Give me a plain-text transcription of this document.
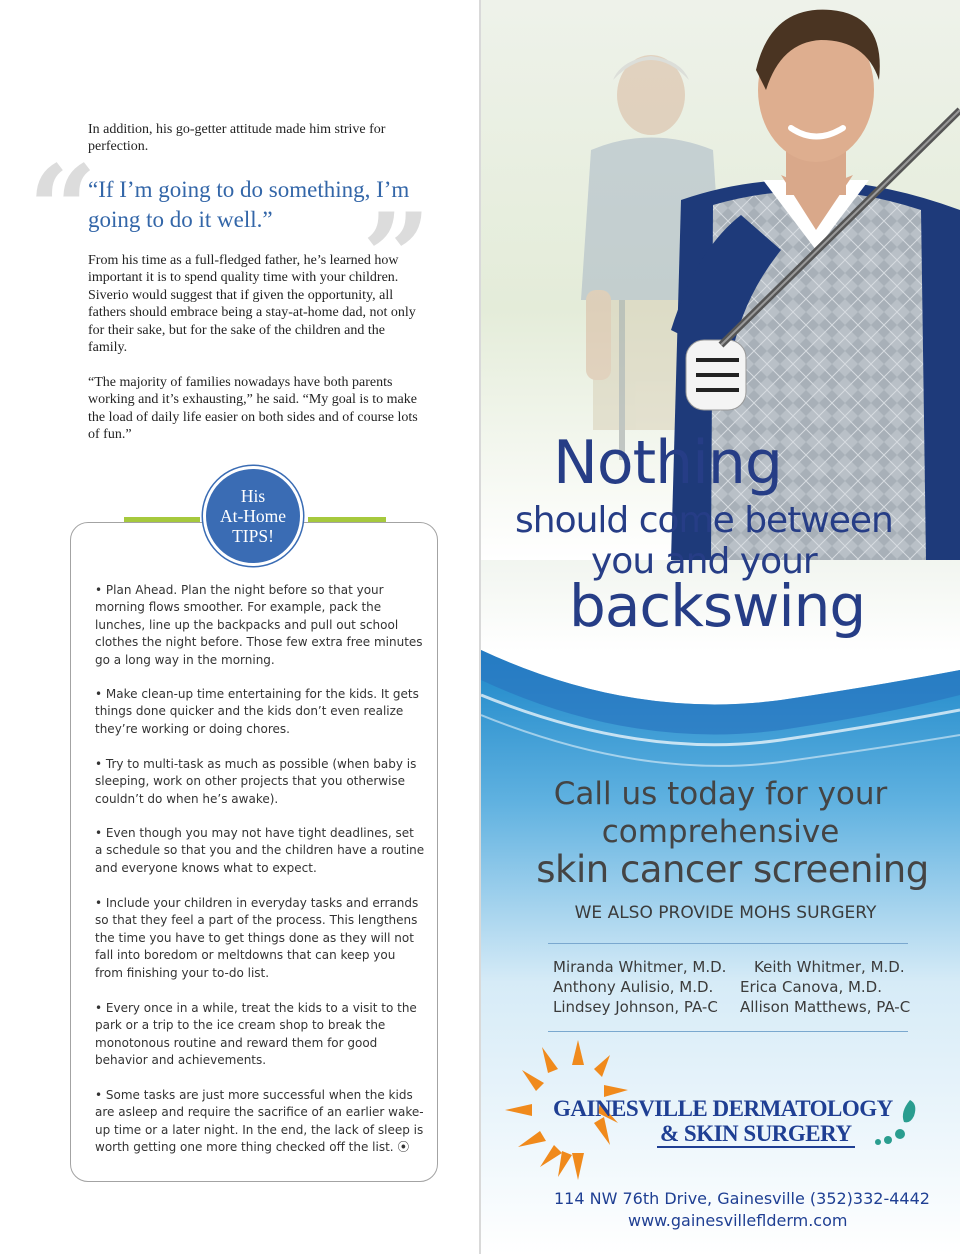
In addition, his go-getter attitude made him strive for perfection.

“ ”

“If I’m going to do something, I’m going to do it well.”

From his time as a full-fledged father, he’s learned how important it is to spend quality time with your children. Siverio would suggest that if given the opportunity, all fathers should embrace being a stay-at-home dad, not only for their sake, but for the sake of the children and the family.

“The majority of families nowadays have both parents working and it’s exhausting,” he said. “My goal is to make the load of daily life easier on both sides and of course lots of fun.”

His
At-Home
TIPS!

• Plan Ahead. Plan the night before so that your morning flows smoother. For example, pack the lunches, line up the backpacks and pull out school clothes the night before. Those few extra free minutes go a long way in the morning.

• Make clean-up time entertaining for the kids. It gets things done quicker and the kids don’t even realize they’re working or doing chores.

• Try to multi-task as much as possible (when baby is sleeping, work on other projects that you otherwise couldn’t do when he’s awake).

• Even though you may not have tight deadlines, set a schedule so that you and the children have a routine and everyone knows what to expect.

• Include your children in everyday tasks and errands so that they feel a part of the process. This lengthens the time you have to get things done as they will not fall into boredom or meltdowns that can keep you from finishing your to-do list.

• Every once in a while, treat the kids to a visit to the park or a trip to the ice cream shop to break the monotonous routine and reward them for good behavior and achievements.

• Some tasks are just more successful when the kids are asleep and require the sacrifice of an earlier wake-up time or a later night. In the end, the lack of sleep is worth getting one more thing checked off the list. ⦿

Nothing

should come between

you and your

backswing

Call us today for your

comprehensive

skin cancer screening

WE ALSO PROVIDE MOHS SURGERY

Miranda Whitmer, M.D.

Anthony Aulisio, M.D.

Lindsey Johnson, PA-C

Keith Whitmer, M.D.

Erica Canova, M.D.

Allison Matthews, PA-C

GAINESVILLE DERMATOLOGY

& SKIN SURGERY

114 NW 76th Drive, Gainesville (352)332-4442

www.gainesvilleflderm.com
